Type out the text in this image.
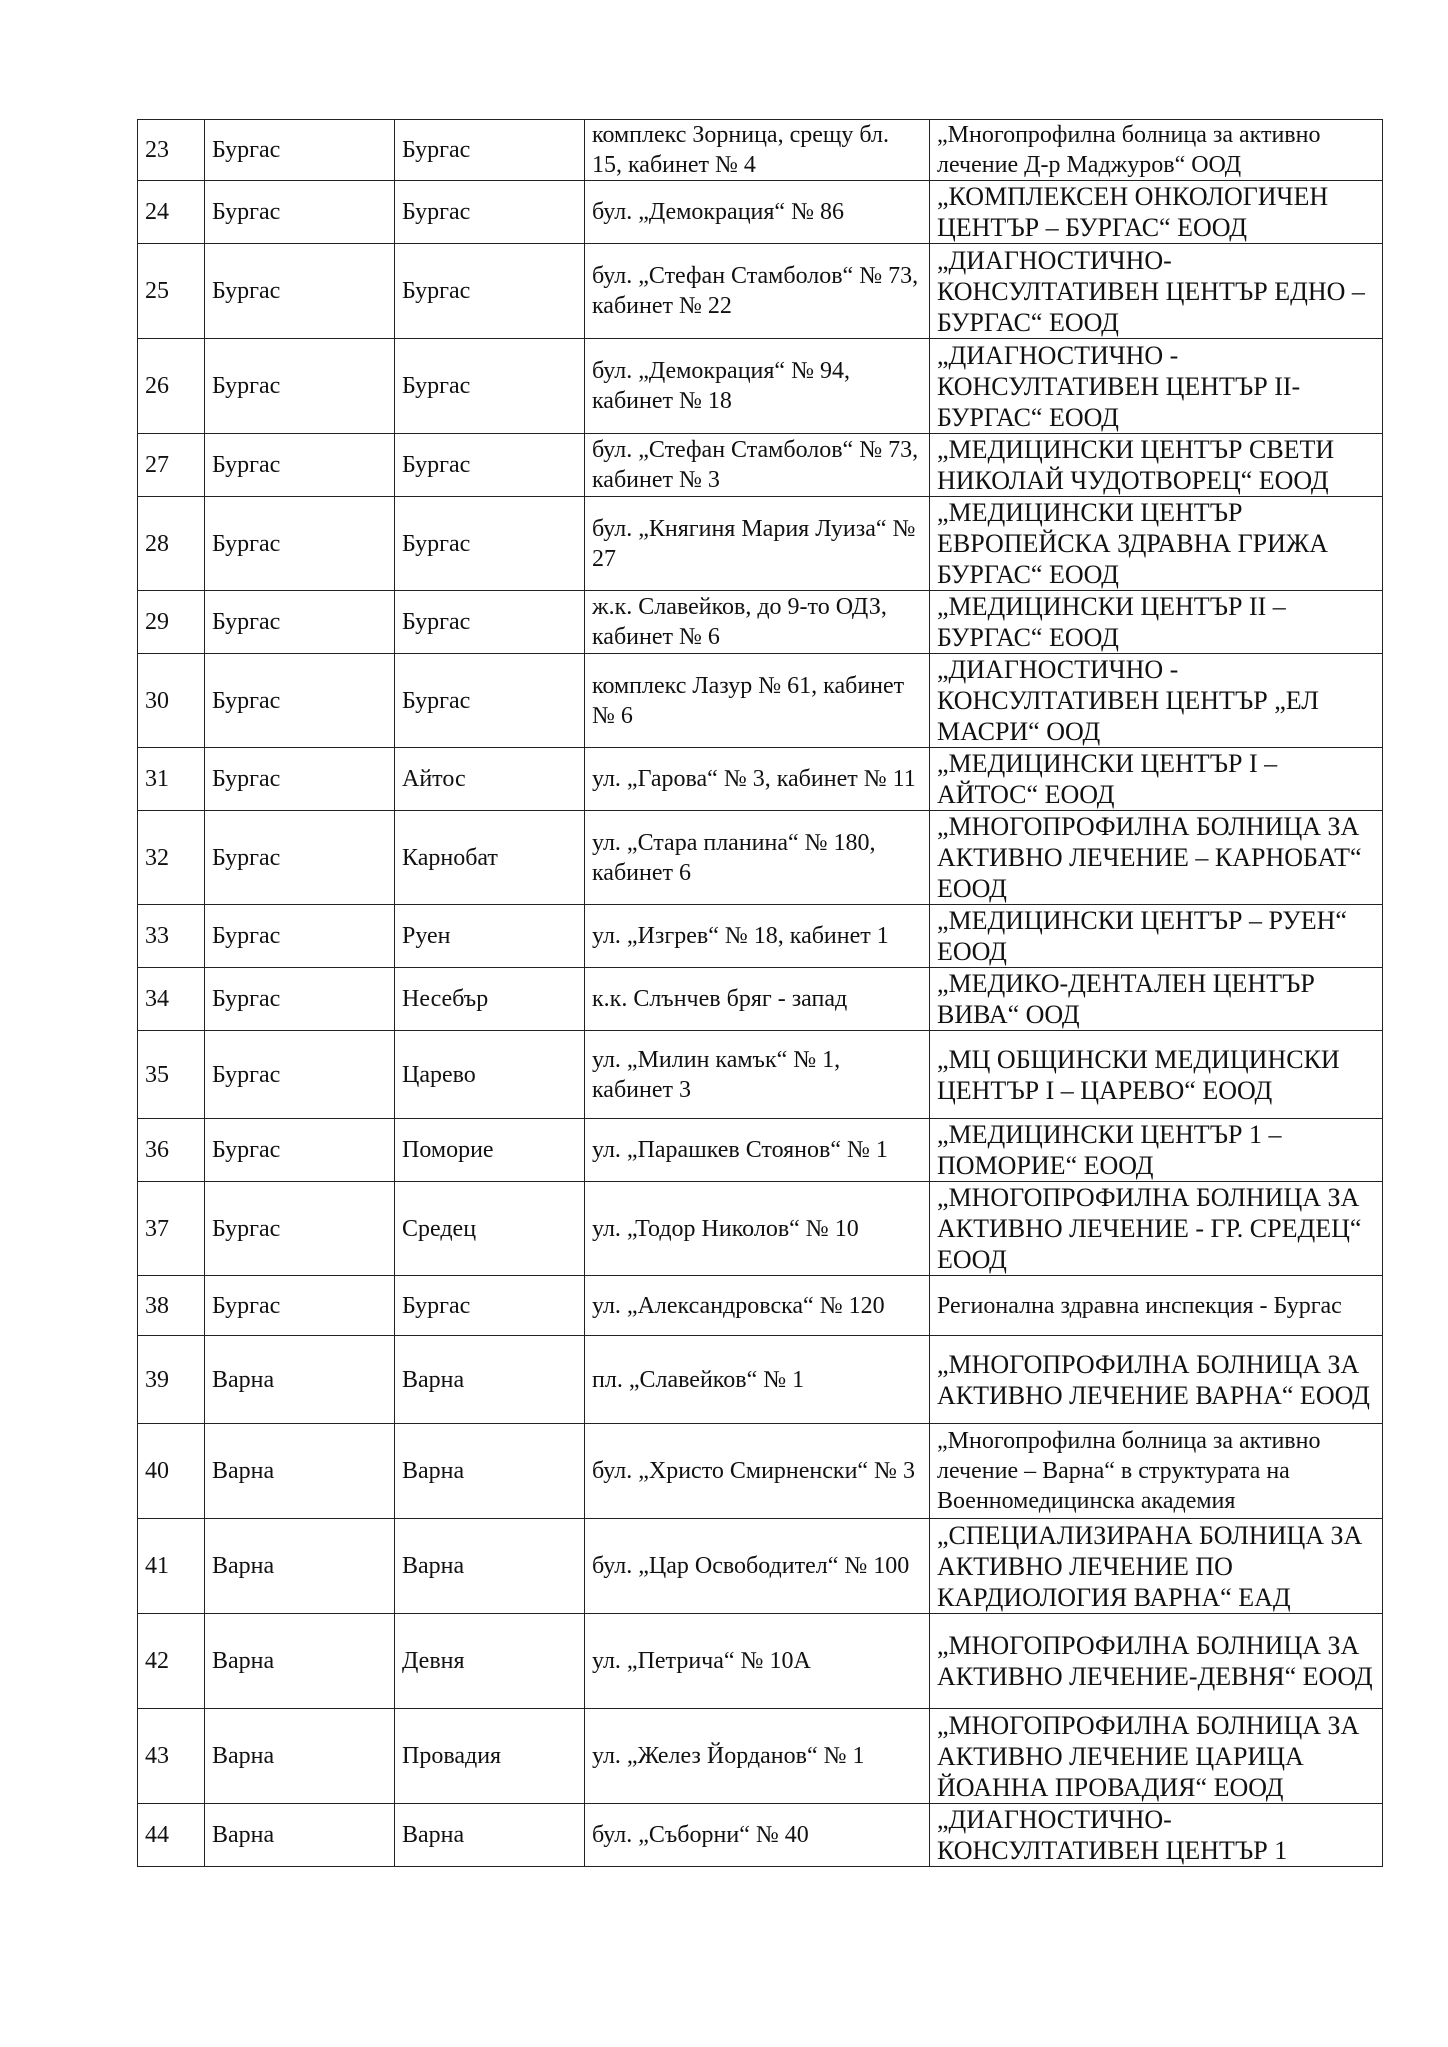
23	Бургас	Бургас	комплекс Зорница, срещу бл. 15, кабинет № 4	„Многопрофилна болница за активно лечение Д-р Маджуров“ ООД
24	Бургас	Бургас	бул. „Демокрация“ № 86	„КОМПЛЕКСЕН ОНКОЛОГИЧЕН ЦЕНТЪР – БУРГАС“ ЕООД
25	Бургас	Бургас	бул. „Стефан Стамболов“ № 73, кабинет № 22	„ДИАГНОСТИЧНО-КОНСУЛТАТИВЕН ЦЕНТЪР ЕДНО – БУРГАС“ ЕООД
26	Бургас	Бургас	бул. „Демокрация“ № 94, кабинет № 18	„ДИАГНОСТИЧНО - КОНСУЛТАТИВЕН ЦЕНТЪР II-БУРГАС“ ЕООД
27	Бургас	Бургас	бул. „Стефан Стамболов“ № 73, кабинет № 3	„МЕДИЦИНСКИ ЦЕНТЪР СВЕТИ НИКОЛАЙ ЧУДОТВОРЕЦ“ ЕООД
28	Бургас	Бургас	бул. „Княгиня Мария Луиза“ № 27	„МЕДИЦИНСКИ ЦЕНТЪР ЕВРОПЕЙСКА ЗДРАВНА ГРИЖА БУРГАС“ ЕООД
29	Бургас	Бургас	ж.к. Славейков, до 9-то ОДЗ, кабинет № 6	„МЕДИЦИНСКИ ЦЕНТЪР II – БУРГАС“ ЕООД
30	Бургас	Бургас	комплекс Лазур № 61, кабинет № 6	„ДИАГНОСТИЧНО - КОНСУЛТАТИВЕН ЦЕНТЪР „ЕЛ МАСРИ“ ООД
31	Бургас	Айтос	ул. „Гарова“ № 3, кабинет № 11	„МЕДИЦИНСКИ ЦЕНТЪР I – АЙТОС“ ЕООД
32	Бургас	Карнобат	ул. „Стара планина“ № 180, кабинет 6	„МНОГОПРОФИЛНА БОЛНИЦА ЗА АКТИВНО ЛЕЧЕНИЕ – КАРНОБАТ“ ЕООД
33	Бургас	Руен	ул. „Изгрев“ № 18, кабинет 1	„МЕДИЦИНСКИ ЦЕНТЪР – РУЕН“ ЕООД
34	Бургас	Несебър	к.к. Слънчев бряг - запад	„МЕДИКО-ДЕНТАЛЕН ЦЕНТЪР ВИВА“ ООД
35	Бургас	Царево	ул. „Милин камък“ № 1, кабинет 3	„МЦ ОБЩИНСКИ МЕДИЦИНСКИ ЦЕНТЪР I – ЦАРЕВО“ ЕООД
36	Бургас	Поморие	ул. „Парашкев Стоянов“ № 1	„МЕДИЦИНСКИ ЦЕНТЪР 1 – ПОМОРИЕ“ ЕООД
37	Бургас	Средец	ул. „Тодор Николов“ № 10	„МНОГОПРОФИЛНА БОЛНИЦА ЗА АКТИВНО ЛЕЧЕНИЕ - ГР. СРЕДЕЦ“ ЕООД
38	Бургас	Бургас	ул. „Александровска“ № 120	Регионална здравна инспекция - Бургас
39	Варна	Варна	пл. „Славейков“ № 1	„МНОГОПРОФИЛНА БОЛНИЦА ЗА АКТИВНО ЛЕЧЕНИЕ ВАРНА“ ЕООД
40	Варна	Варна	бул. „Христо Смирненски“ № 3	„Многопрофилна болница за активно лечение – Варна“ в структурата на Военномедицинска академия
41	Варна	Варна	бул. „Цар Освободител“ № 100	„СПЕЦИАЛИЗИРАНА БОЛНИЦА ЗА АКТИВНО ЛЕЧЕНИЕ ПО КАРДИОЛОГИЯ ВАРНА“ ЕАД
42	Варна	Девня	ул. „Петрича“ № 10А	„МНОГОПРОФИЛНА БОЛНИЦА ЗА АКТИВНО ЛЕЧЕНИЕ-ДЕВНЯ“ ЕООД
43	Варна	Провадия	ул. „Желез Йорданов“ № 1	„МНОГОПРОФИЛНА БОЛНИЦА ЗА АКТИВНО ЛЕЧЕНИЕ ЦАРИЦА ЙОАННА ПРОВАДИЯ“ ЕООД
44	Варна	Варна	бул. „Съборни“ № 40	„ДИАГНОСТИЧНО-КОНСУЛТАТИВЕН ЦЕНТЪР 1
